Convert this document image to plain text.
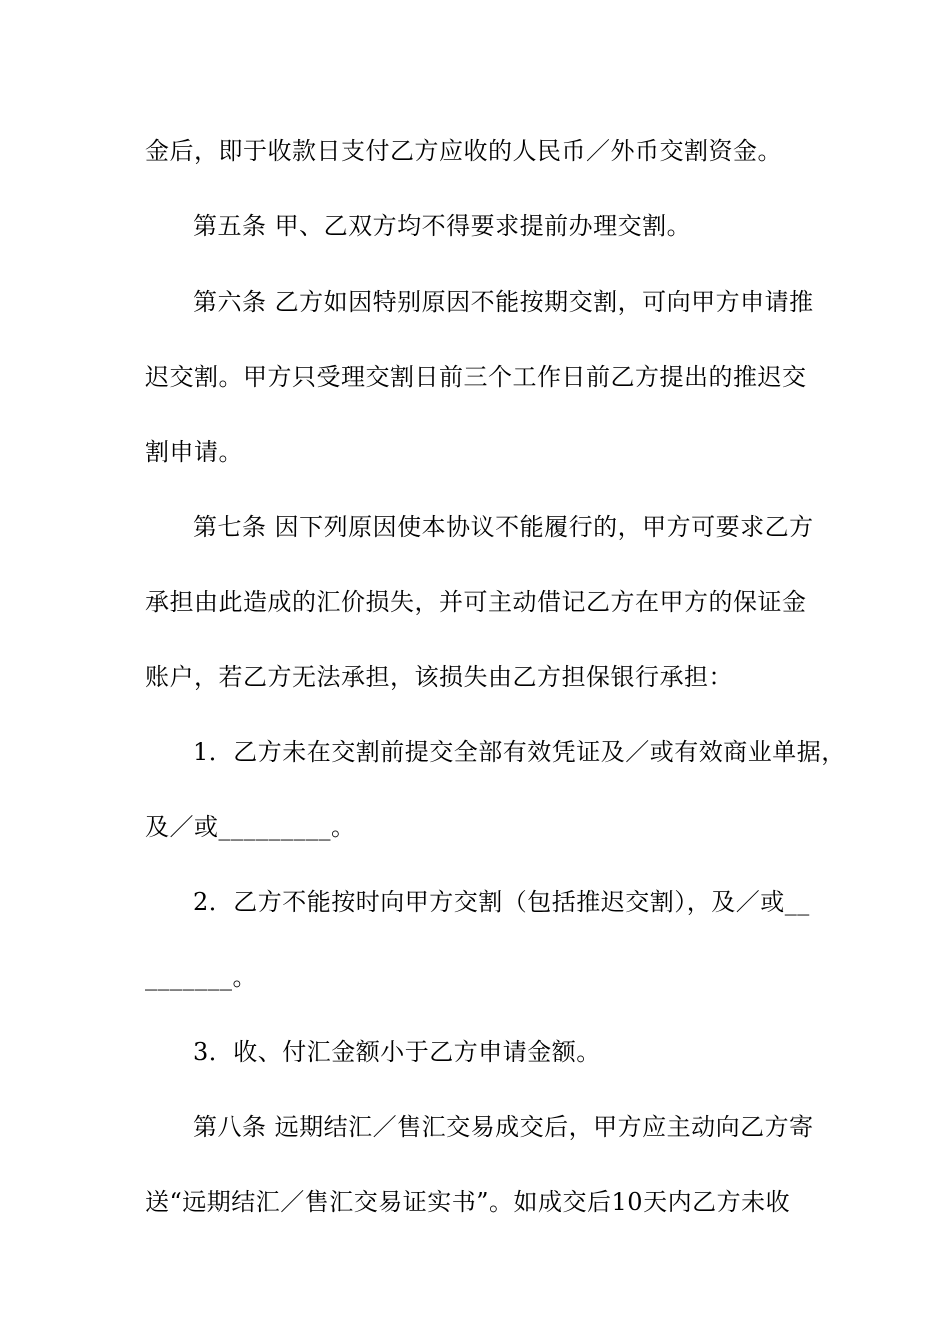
金后，即于收款日支付乙方应收的人民币／外币交割资金。
第五条 甲、乙双方均不得要求提前办理交割。
第六条 乙方如因特别原因不能按期交割，可向甲方申请推
迟交割。甲方只受理交割日前三个工作日前乙方提出的推迟交
割申请。
第七条 因下列原因使本协议不能履行的，甲方可要求乙方
承担由此造成的汇价损失，并可主动借记乙方在甲方的保证金
账户，若乙方无法承担，该损失由乙方担保银行承担：
1．乙方未在交割前提交全部有效凭证及／或有效商业单据，
及／或_________。
2．乙方不能按时向甲方交割（包括推迟交割），及／或__
_______。
3．收、付汇金额小于乙方申请金额。
第八条 远期结汇／售汇交易成交后，甲方应主动向乙方寄
送“远期结汇／售汇交易证实书”。如成交后10天内乙方未收
